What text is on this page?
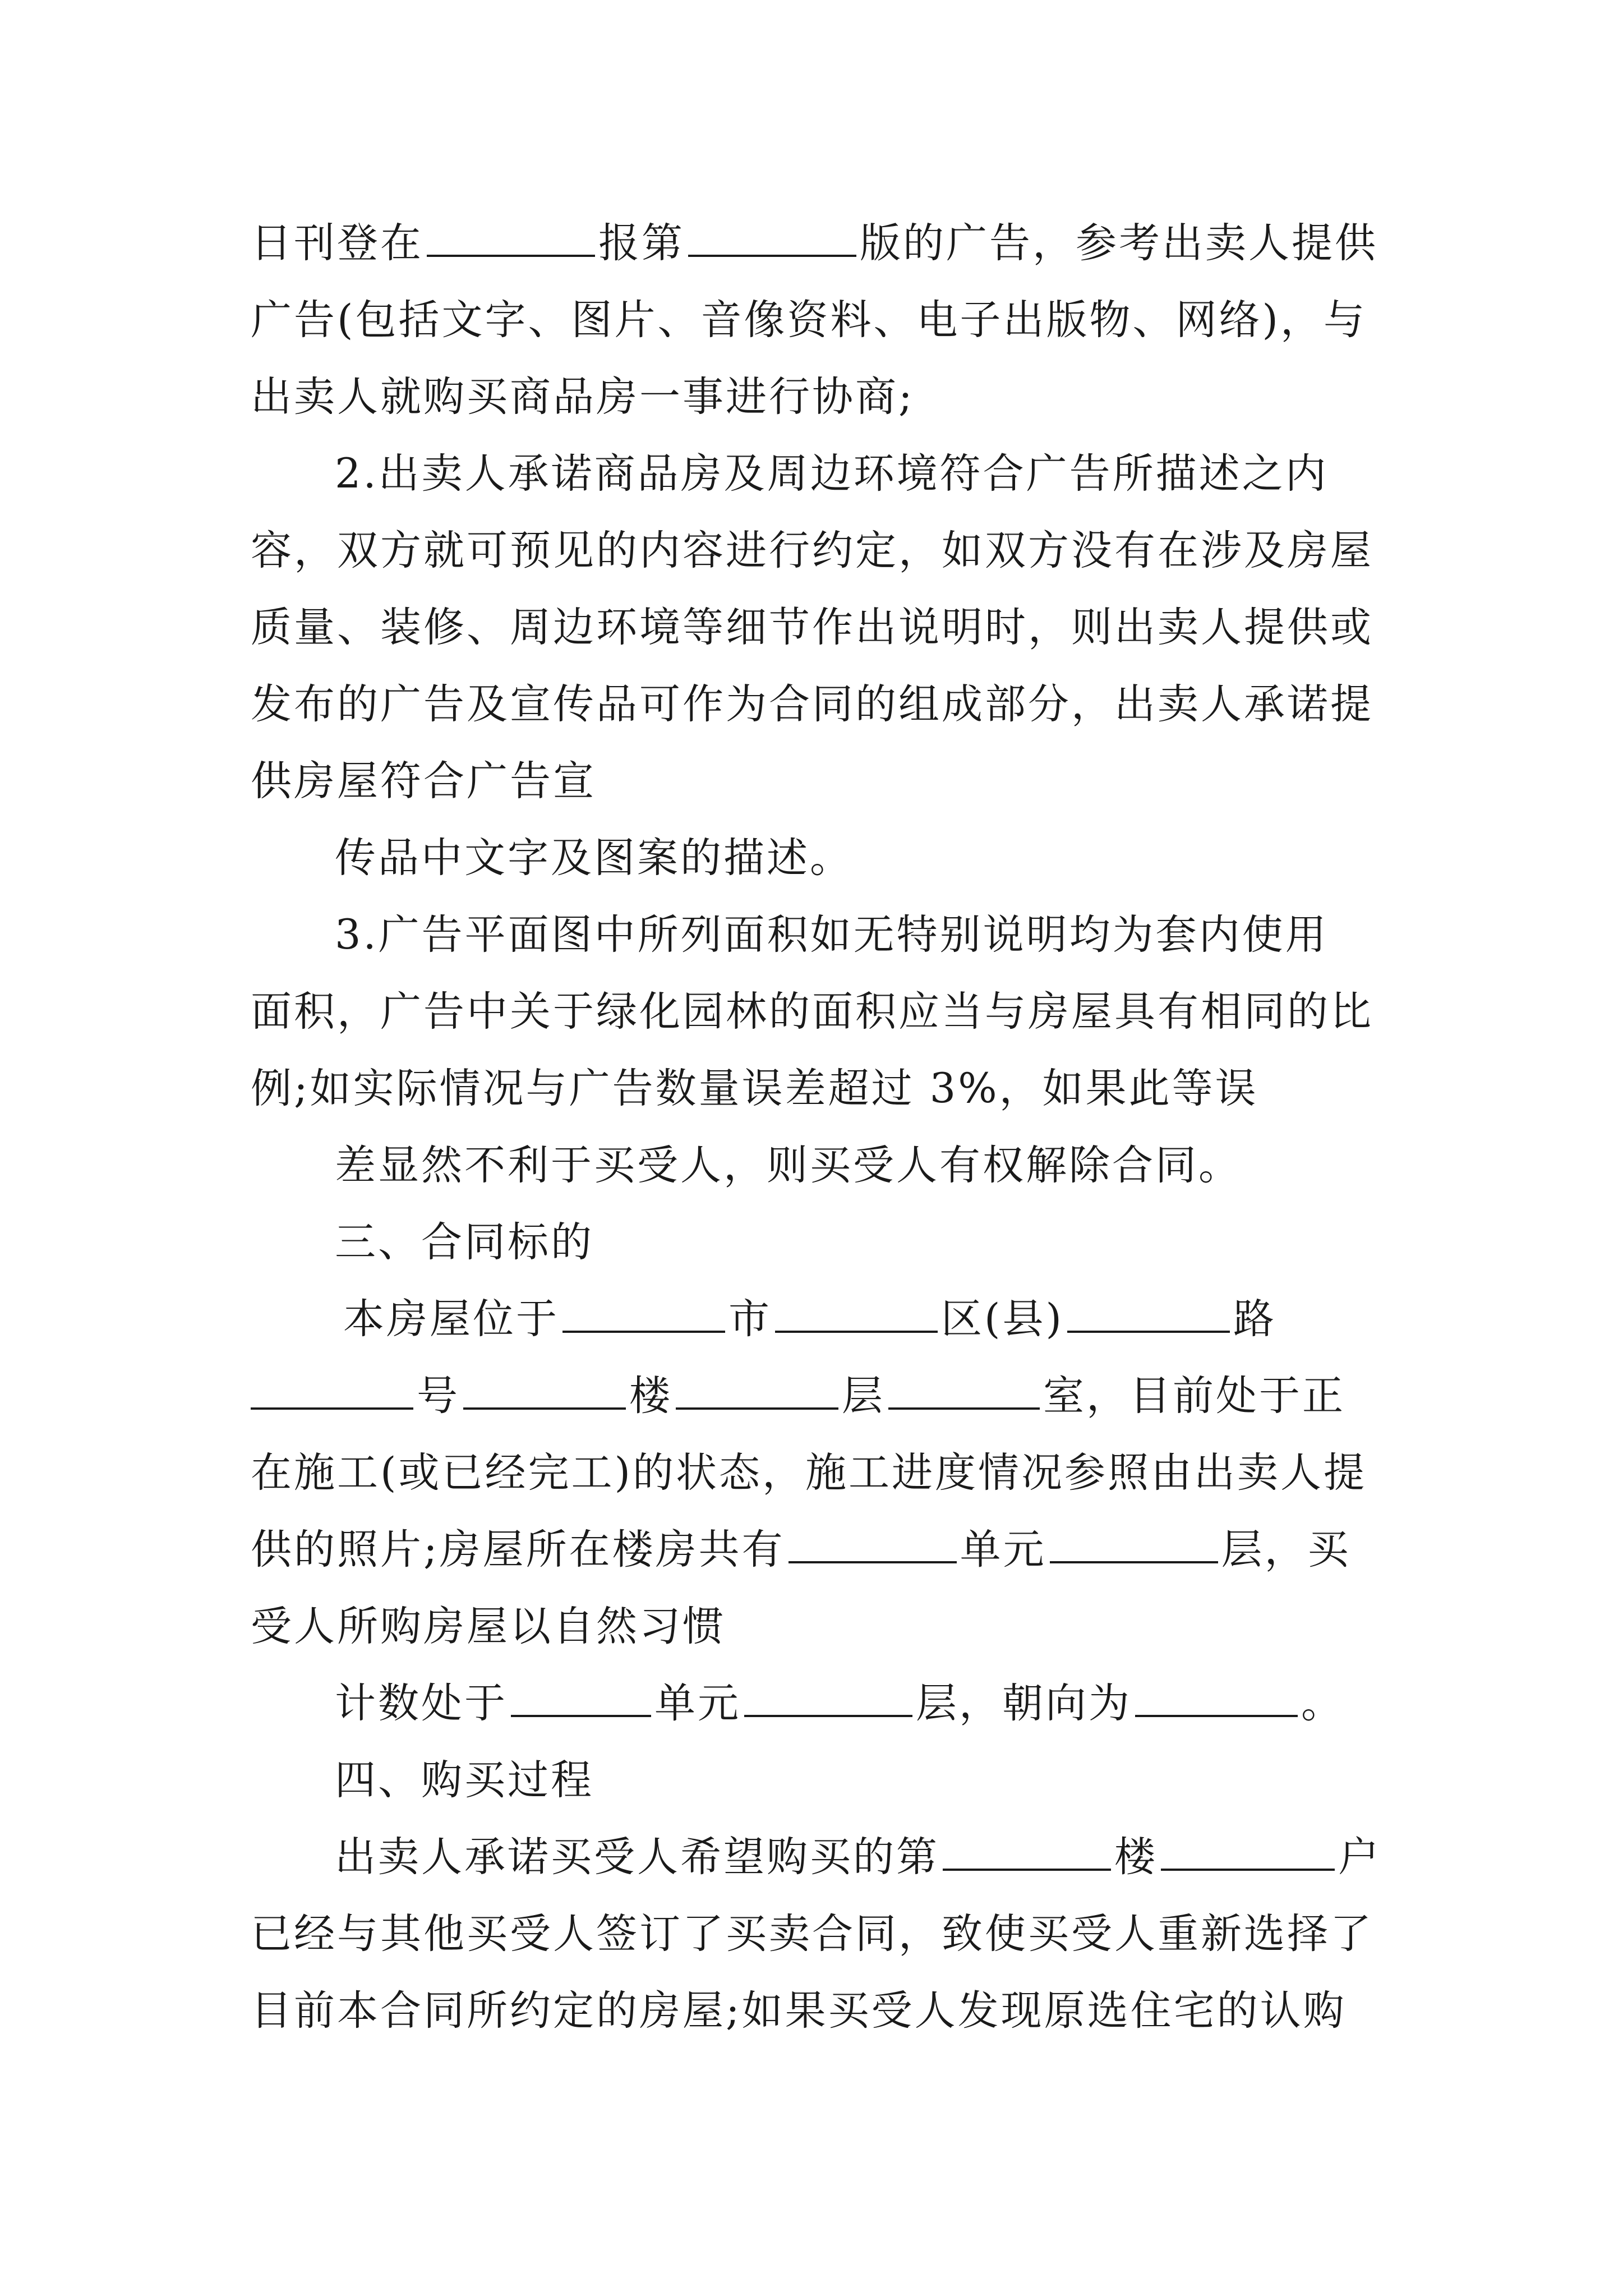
日刊登在	报第	版的广告，参考出卖人提供
广告(包括文字、图片、音像资料、电子出版物、网络)，与
出卖人就购买商品房一事进行协商;
2.出卖人承诺商品房及周边环境符合广告所描述之内
容，双方就可预见的内容进行约定，如双方没有在涉及房屋
质量、装修、周边环境等细节作出说明时，则出卖人提供或
发布的广告及宣传品可作为合同的组成部分，出卖人承诺提
供房屋符合广告宣
传品中文字及图案的描述。
3.广告平面图中所列面积如无特别说明均为套内使用
面积，广告中关于绿化园林的面积应当与房屋具有相同的比
例;如实际情况与广告数量误差超过 3%，如果此等误
差显然不利于买受人，则买受人有权解除合同。
三、合同标的
本房屋位于	市	区(县)	路
号	楼	层	室，目前处于正
在施工(或已经完工)的状态，施工进度情况参照由出卖人提
供的照片;房屋所在楼房共有	单元	层，买
受人所购房屋以自然习惯
计数处于	单元	层，朝向为	。
四、购买过程
出卖人承诺买受人希望购买的第	楼	户
已经与其他买受人签订了买卖合同，致使买受人重新选择了
目前本合同所约定的房屋;如果买受人发现原选住宅的认购
